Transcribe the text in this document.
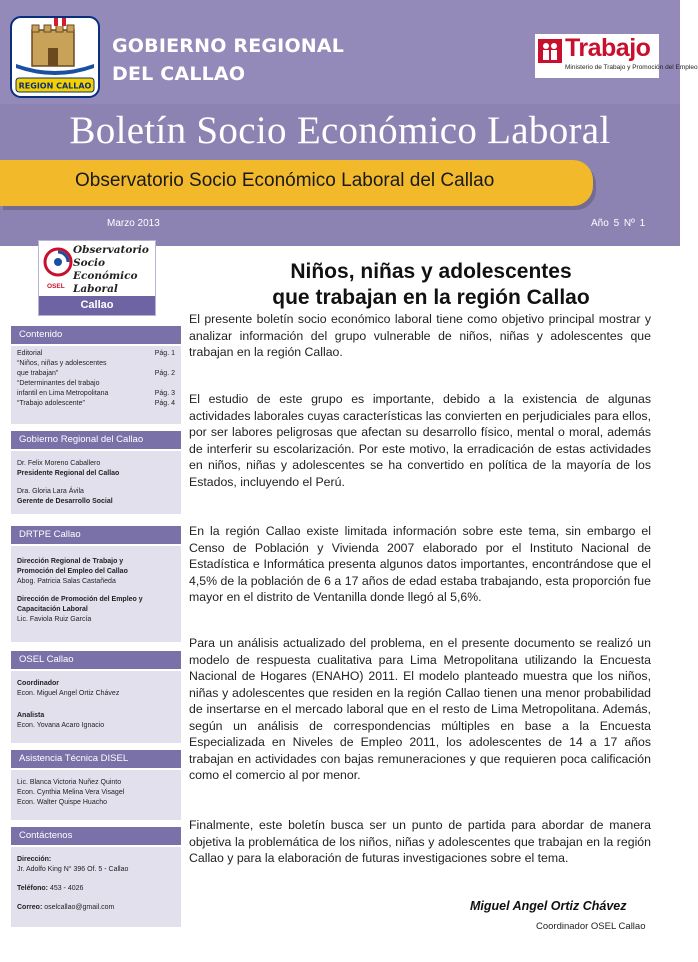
REGION CALLAO
GOBIERNO REGIONAL
DEL CALLAO
Trabajo
Ministerio de Trabajo y Promoción del Empleo
Boletín Socio Económico Laboral
Observatorio Socio Económico Laboral del Callao
Marzo 2013	Año 5 Nº 1
Observatorio
Socio Económico
Laboral
OSEL
Callao
Contenido
Editorial	Pág. 1
“Niños, niñas y adolescentes
que trabajan”	Pág. 2
“Determinantes del trabajo
infantil en Lima Metropolitana	Pág. 3
“Trabajo adolescente”	Pág. 4
Gobierno Regional del Callao
Dr. Felix Moreno Caballero
Presidente Regional del Callao
Dra. Gloria Lara Ávila
Gerente de Desarrollo Social
DRTPE Callao
Dirección Regional de Trabajo y
Promoción del Empleo del Callao
Abog. Patricia Salas Castañeda
Dirección de Promoción del Empleo y
Capacitación Laboral
Lic. Faviola Ruiz García
OSEL Callao
Coordinador
Econ. Miguel Angel Ortiz Chávez
Analista
Econ. Yovana Acaro Ignacio
Asistencia Técnica DISEL
Lic. Blanca Victoria Nuñez Quinto
Econ. Cynthia Melina Vera Visagel
Econ. Walter Quispe Huacho
Contáctenos
Dirección:
Jr. Adolfo King N° 396 Of. 5 - Callao
Teléfono: 453 - 4026
Correo: oselcallao@gmail.com
Niños, niñas y adolescentes
que trabajan en la región Callao

El presente boletín socio económico laboral tiene como objetivo principal mostrar y analizar información del grupo vulnerable de niños, niñas y adolescentes que trabajan en la región Callao.

El estudio de este grupo es importante, debido a la existencia de algunas actividades laborales cuyas características las convierten en perjudiciales para ellos, por ser labores peligrosas que afectan su desarrollo físico, mental o moral, además de interferir su escolarización. Por este motivo, la erradicación de estas actividades en niños, niñas y adolescentes se ha convertido en política de la mayoría de los Estados, incluyendo el Perú.

En la región Callao existe limitada información sobre este tema, sin embargo el Censo de Población y Vivienda 2007 elaborado por el Instituto Nacional de Estadística e Informática presenta algunos datos importantes, encontrándose que el 4,5% de la población de 6 a 17 años de edad estaba trabajando, esta proporción fue mayor en el distrito de Ventanilla donde llegó al 5,6%.

Para un análisis actualizado del problema, en el presente documento se realizó un modelo de respuesta cualitativa para Lima Metropolitana utilizando la Encuesta Nacional de Hogares (ENAHO) 2011. El modelo planteado muestra que los niños, niñas y adolescentes que residen en la región Callao tienen una menor probabilidad de insertarse en el mercado laboral que en el resto de Lima Metropolitana. Además, según un análisis de correspondencias múltiples en base a la Encuesta Especializada en Niveles de Empleo 2011, los adolescentes de 14 a 17 años trabajan en actividades con bajas remuneraciones y que requieren poca calificación como el comercio al por menor.

Finalmente, este boletín busca ser un punto de partida para abordar de manera objetiva la problemática de los niños, niñas y adolescentes que trabajan en la región Callao y para la elaboración de futuras investigaciones sobre el tema.

Miguel Angel Ortiz Chávez
Coordinador OSEL Callao
